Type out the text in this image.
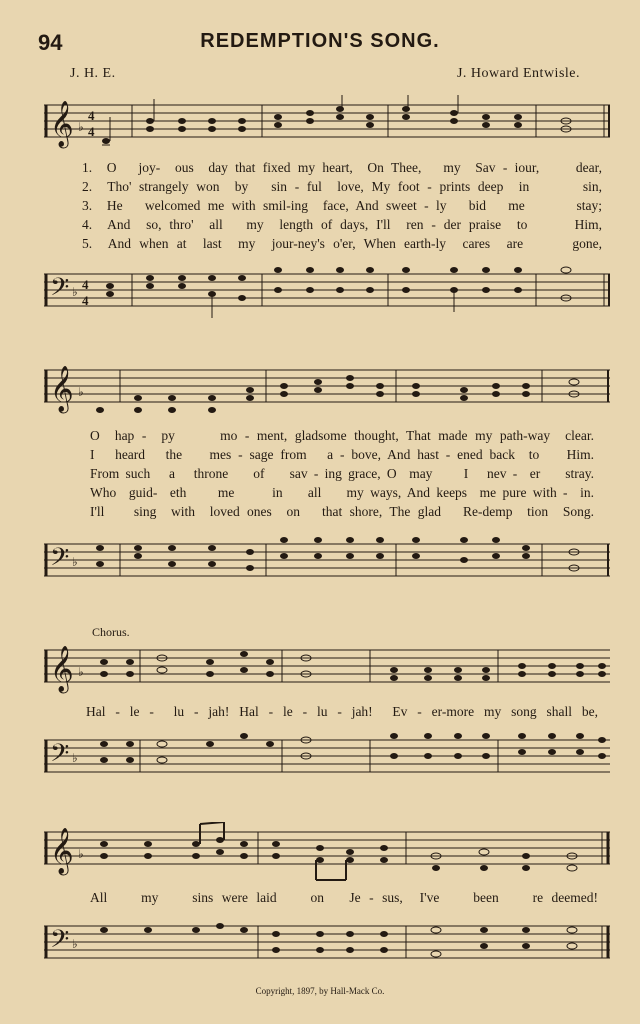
94	REDEMPTION'S SONG.
J. H. E.	J. Howard Entwisle.
𝄞 ♭
4
4
1.  O   joy-  ous  day that fixed my heart,  On Thee,   my  Sav - iour,     dear,
2.  Tho' strangely won  by   sin - ful  love, My foot - prints deep  in       sin,
3.  He   welcomed me with smil-ing  face, And sweet - ly   bid   me       stay;
4.  And  so, thro'  all   my  length of days, I'll  ren - der praise  to      Him,
5.  And when at  last  my  jour-ney's o'er, When earth-ly  cares  are      gone,
𝄢 ♭ 4
4
𝄞 ♭
O  hap -  py      mo - ment, gladsome thought, That made my path-way  clear.
I   heard   the    mes - sage from   a - bove, And hast - ened back  to    Him.
From such   a   throne    of    sav - ing grace, O  may     I   nev -  er    stray.
Who  guid-  eth     me      in    all    my ways, And keeps  me pure with -  in.
I'll    sing  with  loved ones  on   that shore, The glad   Re-demp  tion  Song.
𝄢 ♭
Chorus.
𝄞 ♭
Hal - le -  lu - jah! Hal - le - lu - jah!  Ev - er-more my song shall be,
𝄢 ♭
𝄞 ♭
All    my    sins were laid    on   Je - sus,  I've    been    re deemed!
𝄢 ♭
Copyright, 1897, by Hall-Mack Co.
